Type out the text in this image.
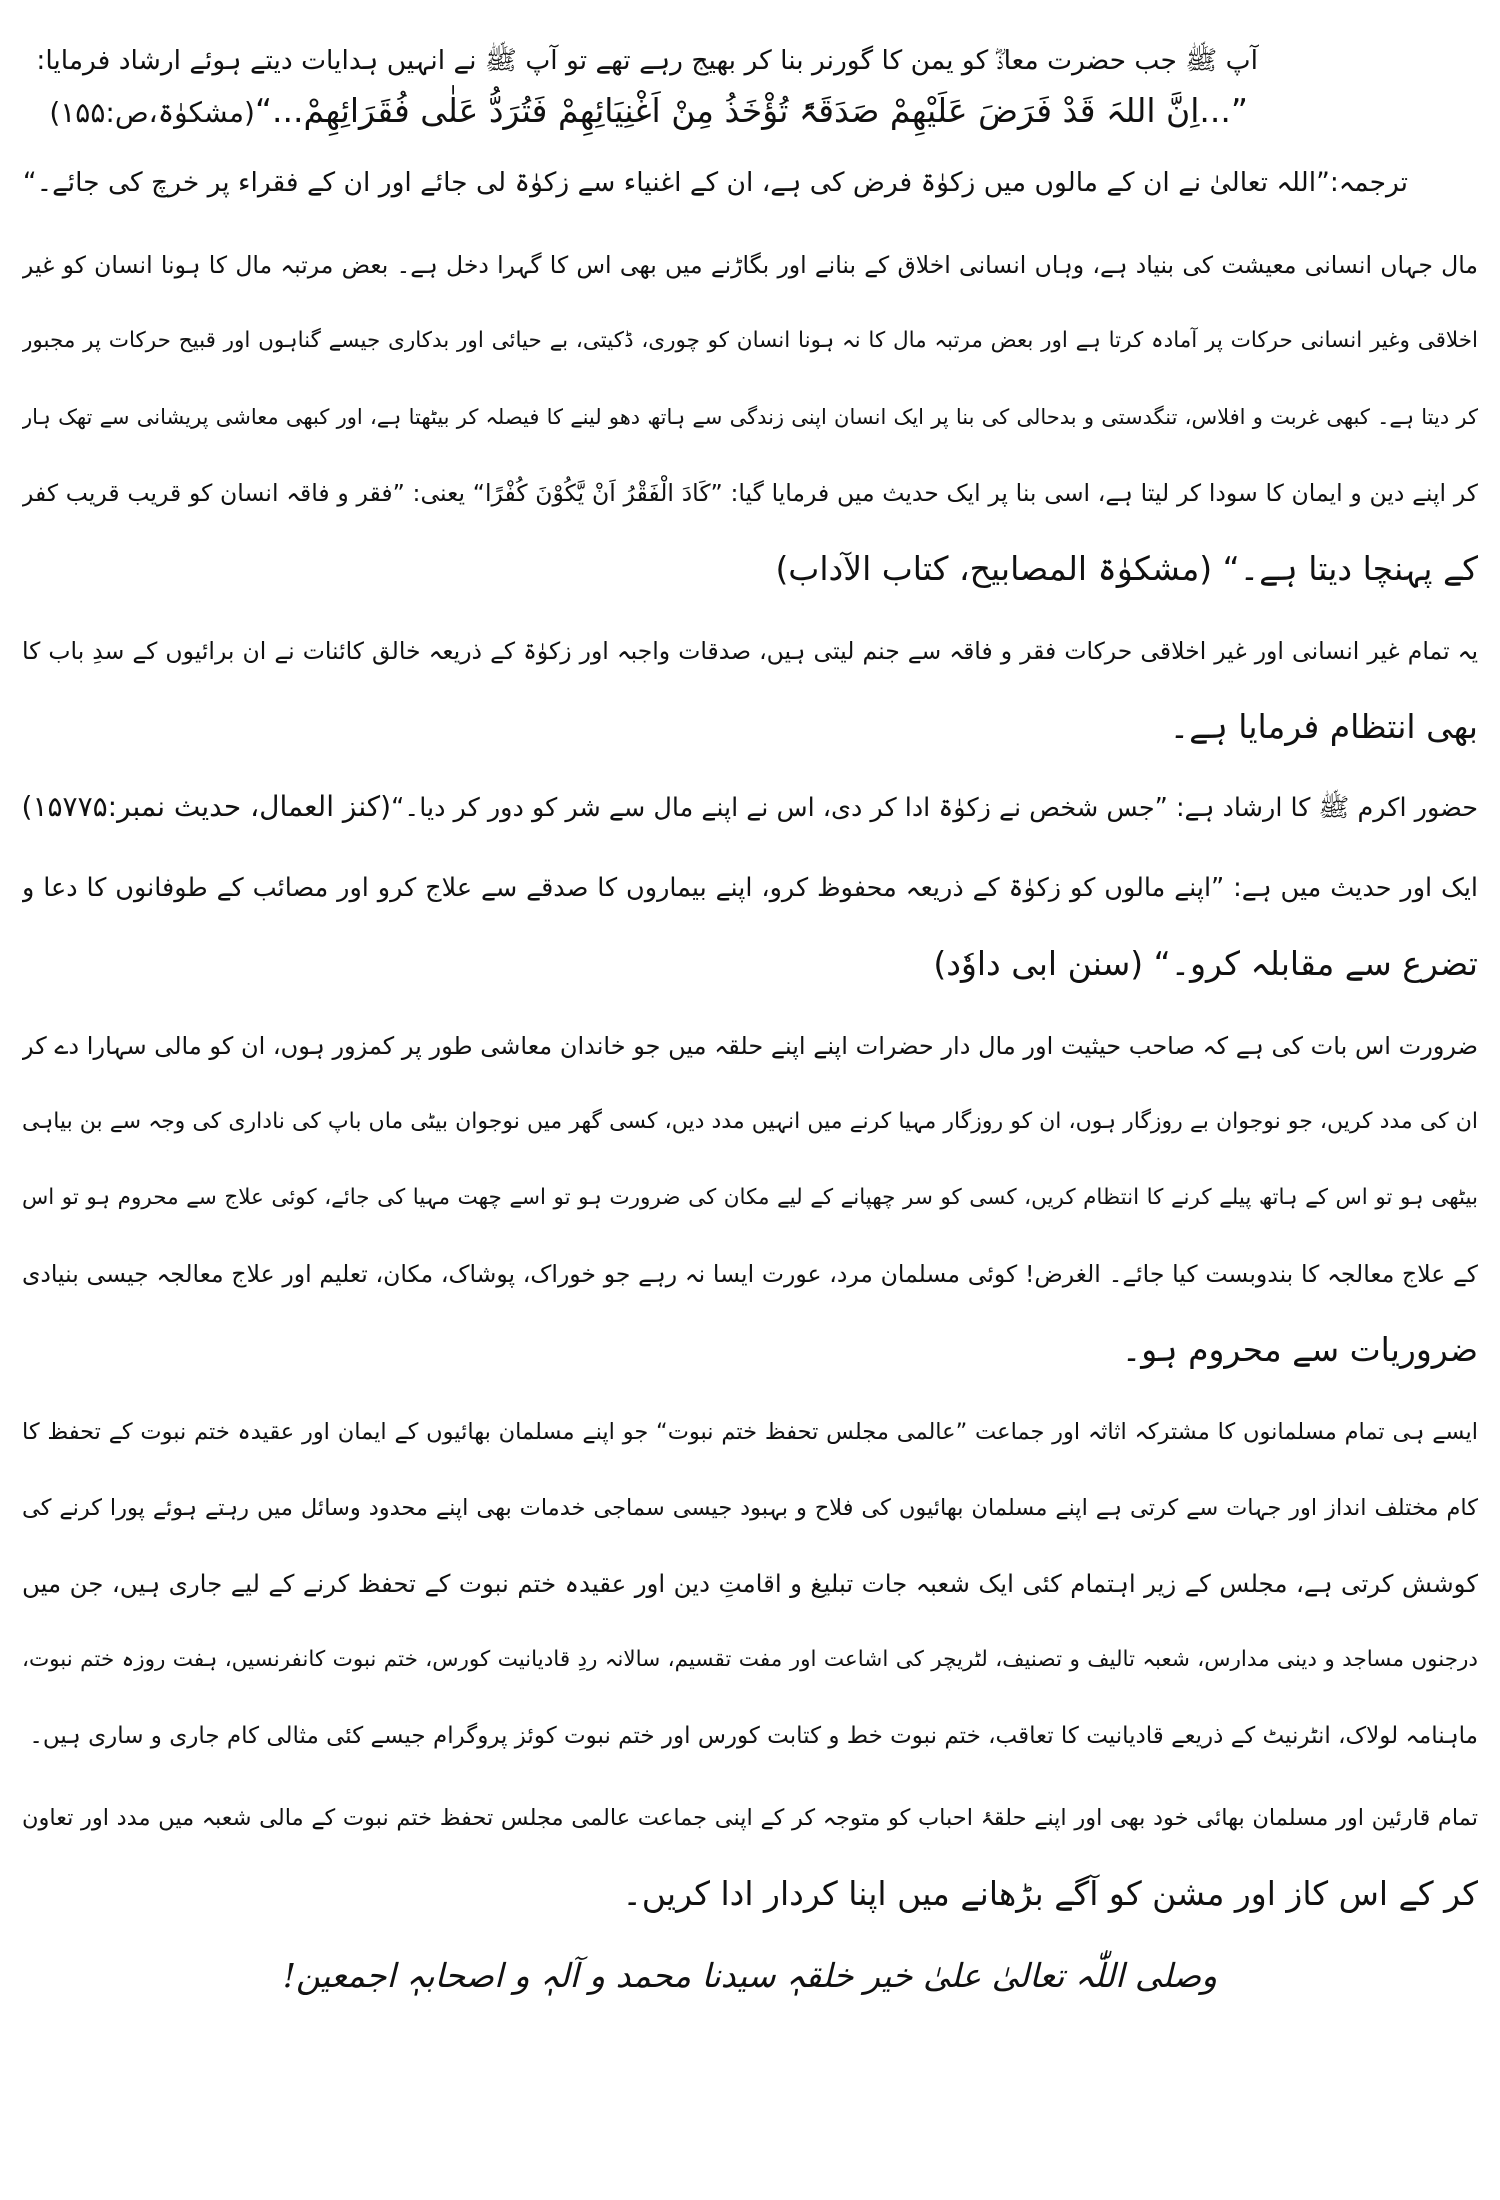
آپ ﷺ جب حضرت معاذؓ کو یمن کا گورنر بنا کر بھیج رہے تھے تو آپ ﷺ نے انہیں ہدایات دیتے ہوئے ارشاد فرمایا:
”...اِنَّ اللہَ قَدْ فَرَضَ عَلَیْھِمْ صَدَقَۃً تُؤْخَذُ مِنْ اَغْنِیَائِھِمْ فَتُرَدُّ عَلٰی فُقَرَائِھِمْ...“
(مشکوٰۃ،ص:۱۵۵)
ترجمہ:”اللہ تعالیٰ نے ان کے مالوں میں زکوٰۃ فرض کی ہے، ان کے اغنیاء سے زکوٰۃ لی جائے اور ان کے فقراء پر خرچ کی جائے۔“
مال جہاں انسانی معیشت کی بنیاد ہے، وہاں انسانی اخلاق کے بنانے اور بگاڑنے میں بھی اس کا گہرا دخل ہے۔ بعض مرتبہ مال کا ہونا انسان کو غیر
اخلاقی وغیر انسانی حرکات پر آمادہ کرتا ہے اور بعض مرتبہ مال کا نہ ہونا انسان کو چوری، ڈکیتی، بے حیائی اور بدکاری جیسے گناہوں اور قبیح حرکات پر مجبور
کر دیتا ہے۔ کبھی غربت و افلاس، تنگدستی و بدحالی کی بنا پر ایک انسان اپنی زندگی سے ہاتھ دھو لینے کا فیصلہ کر بیٹھتا ہے، اور کبھی معاشی پریشانی سے تھک ہار
کر اپنے دین و ایمان کا سودا کر لیتا ہے، اسی بنا پر ایک حدیث میں فرمایا گیا: ”کَادَ الْفَقْرُ اَنْ یَّکُوْنَ کُفْرًا“ یعنی: ”فقر و فاقہ انسان کو قریب قریب کفر
کے پہنچا دیتا ہے۔“ (مشکوٰۃ المصابیح، کتاب الآداب)
یہ تمام غیر انسانی اور غیر اخلاقی حرکات فقر و فاقہ سے جنم لیتی ہیں، صدقات واجبہ اور زکوٰۃ کے ذریعہ خالق کائنات نے ان برائیوں کے سدِ باب کا
بھی انتظام فرمایا ہے۔
حضور اکرم ﷺ کا ارشاد ہے: ”جس شخص نے زکوٰۃ ادا کر دی، اس نے اپنے مال سے شر کو دور کر دیا۔“
(کنز العمال، حدیث نمبر:۱۵۷۷۵)
ایک اور حدیث میں ہے: ”اپنے مالوں کو زکوٰۃ کے ذریعہ محفوظ کرو، اپنے بیماروں کا صدقے سے علاج کرو اور مصائب کے طوفانوں کا دعا و
تضرع سے مقابلہ کرو۔“ (سنن ابی داوٗد)
ضرورت اس بات کی ہے کہ صاحب حیثیت اور مال دار حضرات اپنے اپنے حلقہ میں جو خاندان معاشی طور پر کمزور ہوں، ان کو مالی سہارا دے کر
ان کی مدد کریں، جو نوجوان بے روزگار ہوں، ان کو روزگار مہیا کرنے میں انہیں مدد دیں، کسی گھر میں نوجوان بیٹی ماں باپ کی ناداری کی وجہ سے بن بیاہی
بیٹھی ہو تو اس کے ہاتھ پیلے کرنے کا انتظام کریں، کسی کو سر چھپانے کے لیے مکان کی ضرورت ہو تو اسے چھت مہیا کی جائے، کوئی علاج سے محروم ہو تو اس
کے علاج معالجہ کا بندوبست کیا جائے۔ الغرض! کوئی مسلمان مرد، عورت ایسا نہ رہے جو خوراک، پوشاک، مکان، تعلیم اور علاج معالجہ جیسی بنیادی
ضروریات سے محروم ہو۔
ایسے ہی تمام مسلمانوں کا مشترکہ اثاثہ اور جماعت ”عالمی مجلس تحفظ ختم نبوت“ جو اپنے مسلمان بھائیوں کے ایمان اور عقیدہ ختم نبوت کے تحفظ کا
کام مختلف انداز اور جہات سے کرتی ہے اپنے مسلمان بھائیوں کی فلاح و بہبود جیسی سماجی خدمات بھی اپنے محدود وسائل میں رہتے ہوئے پورا کرنے کی
کوشش کرتی ہے، مجلس کے زیر اہتمام کئی ایک شعبہ جات تبلیغ و اقامتِ دین اور عقیدہ ختم نبوت کے تحفظ کرنے کے لیے جاری ہیں، جن میں
درجنوں مساجد و دینی مدارس، شعبہ تالیف و تصنیف، لٹریچر کی اشاعت اور مفت تقسیم، سالانہ ردِ قادیانیت کورس، ختم نبوت کانفرنسیں، ہفت روزہ ختم نبوت،
ماہنامہ لولاک، انٹرنیٹ کے ذریعے قادیانیت کا تعاقب، ختم نبوت خط و کتابت کورس اور ختم نبوت کوئز پروگرام جیسے کئی مثالی کام جاری و ساری ہیں۔
تمام قارئین اور مسلمان بھائی خود بھی اور اپنے حلقۂ احباب کو متوجہ کر کے اپنی جماعت عالمی مجلس تحفظ ختم نبوت کے مالی شعبہ میں مدد اور تعاون
کر کے اس کاز اور مشن کو آگے بڑھانے میں اپنا کردار ادا کریں۔
وصلی اللّٰہ تعالیٰ علیٰ خیر خلقہٖ سیدنا محمد و آلہٖ و اصحابہٖ اجمعین!
